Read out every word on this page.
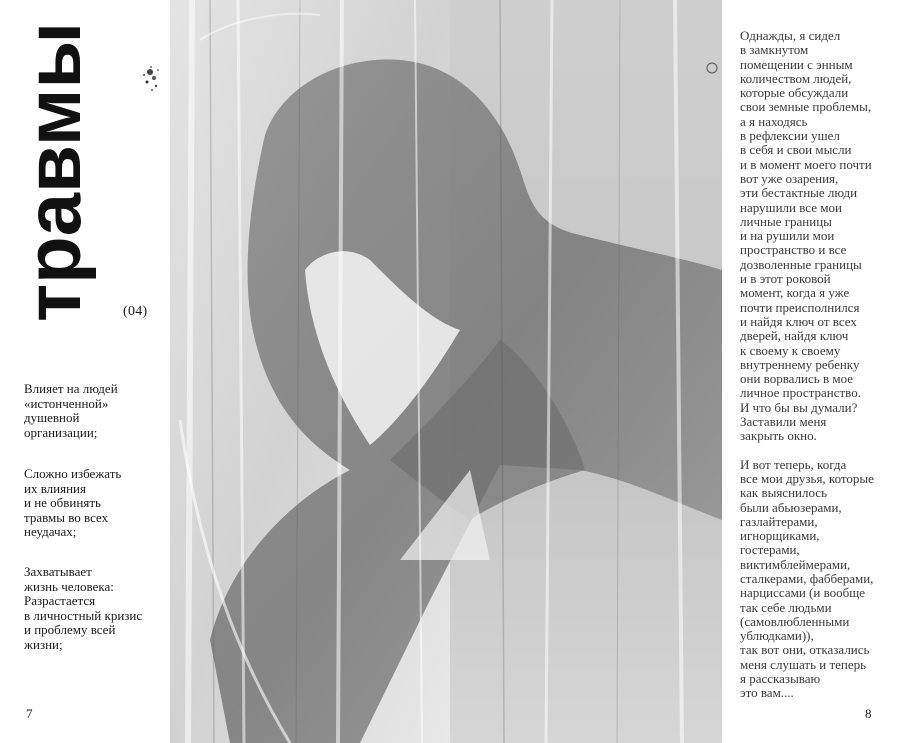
травмы (04)
Влияет на людей
«истонченной»
душевной
организации;
Сложно избежать
их влияния
и не обвинять
травмы во всех
неудачах;
Захватывает
жизнь человека:
Разрастается
в личностный кризис
и проблему всей
жизни;
7
Однажды, я сидел
в замкнутом
помещении с энным
количеством людей,
которые обсуждали
свои земные проблемы,
а я находясь
в рефлексии ушел
в себя и свои мысли
и в момент моего почти
вот уже озарения,
эти бестактные люди
нарушили все мои
личные границы
и на рушили мои
пространство и все
дозволенные границы
и в этот роковой
момент, когда я уже
почти преисполнился
и найдя ключ от всех
дверей, найдя ключ
к своему к своему
внутреннему ребенку
они ворвались в мое
личное пространство.
И что бы вы думали?
Заставили меня
закрыть окно.
И вот теперь, когда
все мои друзья, которые
как выяснилось
были абьюзерами,
газлайтерами,
игнорщиками,
гостерами,
виктимблеймерами,
сталкерами, фабберами,
нарциссами (и вообще
так себе людьми
(самовлюбленными
ублюдками)),
так вот они, отказались
меня слушать и теперь
я рассказываю
это вам....
8
